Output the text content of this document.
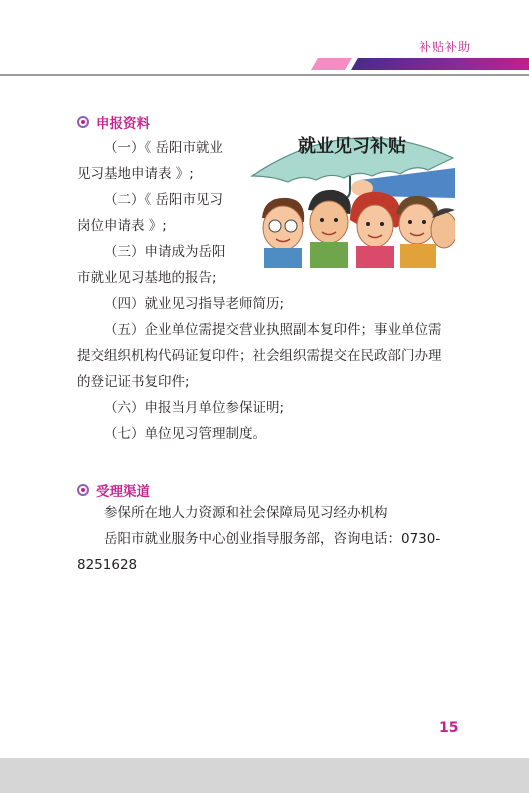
补贴补助
申报资料
（一）《 岳阳市就业
见习基地申请表 》;
（二）《 岳阳市见习
岗位申请表 》;
（三）申请成为岳阳
市就业见习基地的报告;
（四）就业见习指导老师简历;
（五）企业单位需提交营业执照副本复印件；事业单位需
提交组织机构代码证复印件；社会组织需提交在民政部门办理
的登记证书复印件;
（六）申报当月单位参保证明;
（七）单位见习管理制度。
就业见习补贴
受理渠道
参保所在地人力资源和社会保障局见习经办机构
岳阳市就业服务中心创业指导服务部，咨询电话：0730-
8251628
15
